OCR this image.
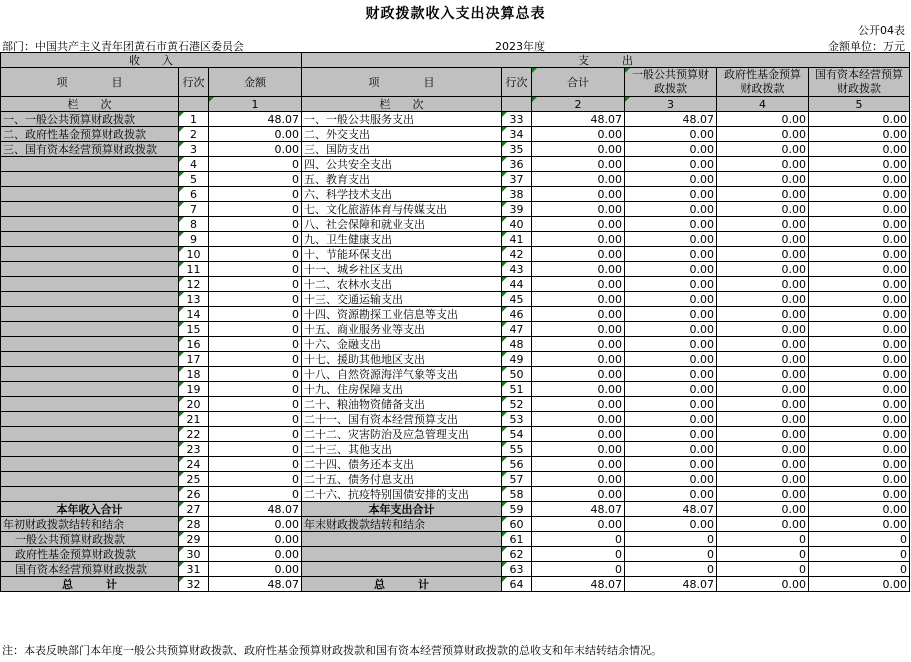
财政拨款收入支出决算总表
公开04表
部门：中国共产主义青年团黄石市黄石港区委员会	2023年度	金额单位：万元
收　　入			支　　　出					
项　　　　目	行次	金额	项　　　　目	行次	合计	一般公共预算财政拨款	政府性基金预算财政拨款	国有资本经营预算财政拨款
栏　　次		1	栏　　次		2	3	4	5
一、一般公共预算财政拨款	1	48.07	一、一般公共服务支出	33	48.07	48.07	0.00	0.00
二、政府性基金预算财政拨款	2	0.00	二、外交支出	34	0.00	0.00	0.00	0.00
三、国有资本经营预算财政拨款	3	0.00	三、国防支出	35	0.00	0.00	0.00	0.00
	4	0	四、公共安全支出	36	0.00	0.00	0.00	0.00
	5	0	五、教育支出	37	0.00	0.00	0.00	0.00
	6	0	六、科学技术支出	38	0.00	0.00	0.00	0.00
	7	0	七、文化旅游体育与传媒支出	39	0.00	0.00	0.00	0.00
	8	0	八、社会保障和就业支出	40	0.00	0.00	0.00	0.00
	9	0	九、卫生健康支出	41	0.00	0.00	0.00	0.00
	10	0	十、节能环保支出	42	0.00	0.00	0.00	0.00
	11	0	十一、城乡社区支出	43	0.00	0.00	0.00	0.00
	12	0	十二、农林水支出	44	0.00	0.00	0.00	0.00
	13	0	十三、交通运输支出	45	0.00	0.00	0.00	0.00
	14	0	十四、资源勘探工业信息等支出	46	0.00	0.00	0.00	0.00
	15	0	十五、商业服务业等支出	47	0.00	0.00	0.00	0.00
	16	0	十六、金融支出	48	0.00	0.00	0.00	0.00
	17	0	十七、援助其他地区支出	49	0.00	0.00	0.00	0.00
	18	0	十八、自然资源海洋气象等支出	50	0.00	0.00	0.00	0.00
	19	0	十九、住房保障支出	51	0.00	0.00	0.00	0.00
	20	0	二十、粮油物资储备支出	52	0.00	0.00	0.00	0.00
	21	0	二十一、国有资本经营预算支出	53	0.00	0.00	0.00	0.00
	22	0	二十二、灾害防治及应急管理支出	54	0.00	0.00	0.00	0.00
	23	0	二十三、其他支出	55	0.00	0.00	0.00	0.00
	24	0	二十四、债务还本支出	56	0.00	0.00	0.00	0.00
	25	0	二十五、债务付息支出	57	0.00	0.00	0.00	0.00
	26	0	二十六、抗疫特别国债安排的支出	58	0.00	0.00	0.00	0.00
本年收入合计	27	48.07	本年支出合计	59	48.07	48.07	0.00	0.00
年初财政拨款结转和结余	28	0.00	年末财政拨款结转和结余	60	0.00	0.00	0.00	0.00
一般公共预算财政拨款	29	0.00		61	0	0	0	0
政府性基金预算财政拨款	30	0.00		62	0	0	0	0
国有资本经营预算财政拨款	31	0.00		63	0	0	0	0
总　　　计	32	48.07	总　　　计	64	48.07	48.07	0.00	0.00
注：本表反映部门本年度一般公共预算财政拨款、政府性基金预算财政拨款和国有资本经营预算财政拨款的总收支和年末结转结余情况。
